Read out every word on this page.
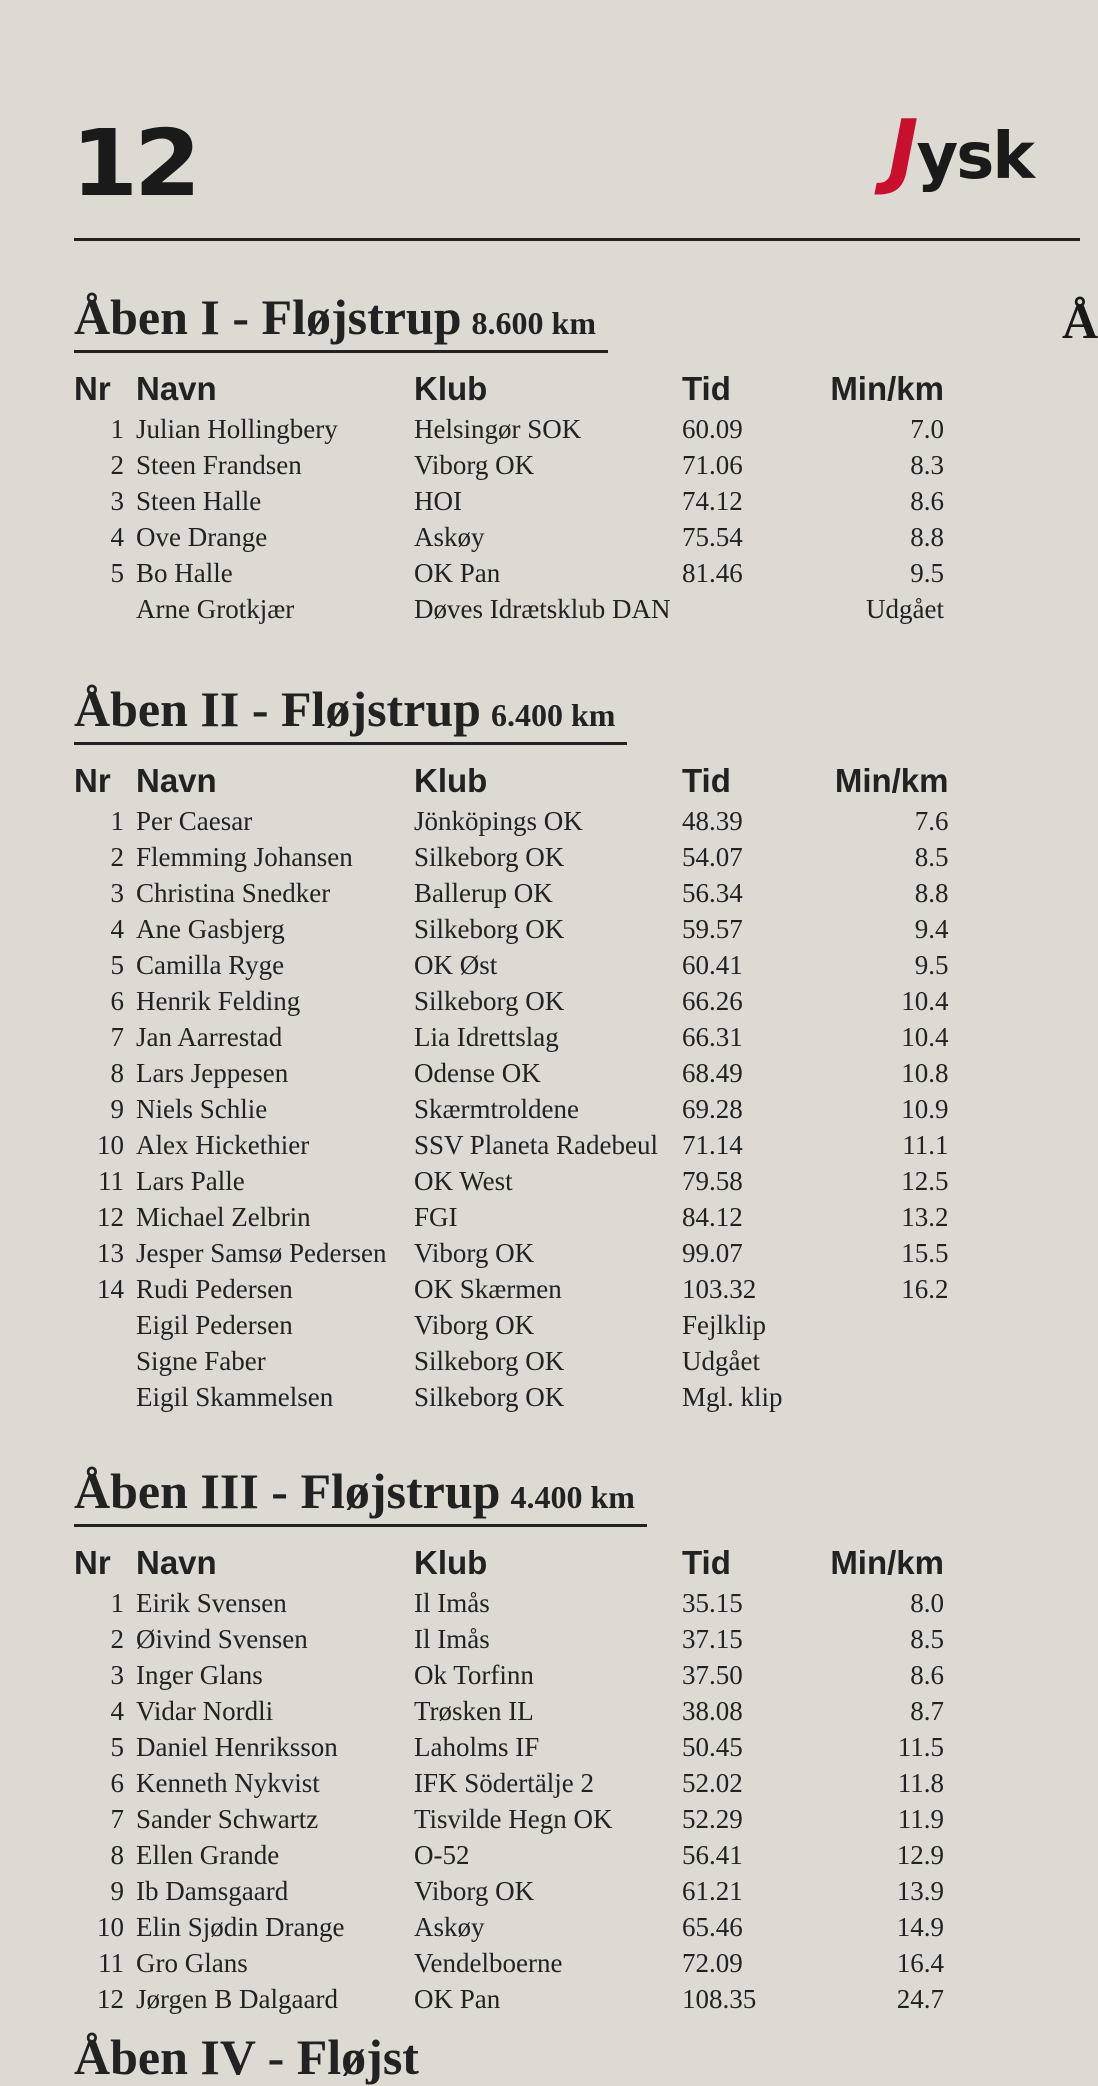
12	Jysk
Å
Åben I - Fløjstrup 8.600 km
Nr	Navn	Klub	Tid	Min/km
1	Julian Hollingbery	Helsingør SOK	60.09	7.0
2	Steen Frandsen	Viborg OK	71.06	8.3
3	Steen Halle	HOI	74.12	8.6
4	Ove Drange	Askøy	75.54	8.8
5	Bo Halle	OK Pan	81.46	9.5
	Arne Grotkjær	Døves Idrætsklub DAN		Udgået
Åben II - Fløjstrup 6.400 km
Nr	Navn	Klub	Tid	Min/km
1	Per Caesar	Jönköpings OK	48.39	7.6
2	Flemming Johansen	Silkeborg OK	54.07	8.5
3	Christina Snedker	Ballerup OK	56.34	8.8
4	Ane Gasbjerg	Silkeborg OK	59.57	9.4
5	Camilla Ryge	OK Øst	60.41	9.5
6	Henrik Felding	Silkeborg OK	66.26	10.4
7	Jan Aarrestad	Lia Idrettslag	66.31	10.4
8	Lars Jeppesen	Odense OK	68.49	10.8
9	Niels Schlie	Skærmtroldene	69.28	10.9
10	Alex Hickethier	SSV Planeta Radebeul	71.14	11.1
11	Lars Palle	OK West	79.58	12.5
12	Michael Zelbrin	FGI	84.12	13.2
13	Jesper Samsø Pedersen	Viborg OK	99.07	15.5
14	Rudi Pedersen	OK Skærmen	103.32	16.2
	Eigil Pedersen	Viborg OK	Fejlklip	
	Signe Faber	Silkeborg OK	Udgået	
	Eigil Skammelsen	Silkeborg OK	Mgl. klip	
Åben III - Fløjstrup 4.400 km
Nr	Navn	Klub	Tid	Min/km
1	Eirik Svensen	Il Imås	35.15	8.0
2	Øivind Svensen	Il Imås	37.15	8.5
3	Inger Glans	Ok Torfinn	37.50	8.6
4	Vidar Nordli	Trøsken IL	38.08	8.7
5	Daniel Henriksson	Laholms IF	50.45	11.5
6	Kenneth Nykvist	IFK Södertälje 2	52.02	11.8
7	Sander Schwartz	Tisvilde Hegn OK	52.29	11.9
8	Ellen Grande	O-52	56.41	12.9
9	Ib Damsgaard	Viborg OK	61.21	13.9
10	Elin Sjødin Drange	Askøy	65.46	14.9
11	Gro Glans	Vendelboerne	72.09	16.4
12	Jørgen B Dalgaard	OK Pan	108.35	24.7
Åben IV - Fløjst
